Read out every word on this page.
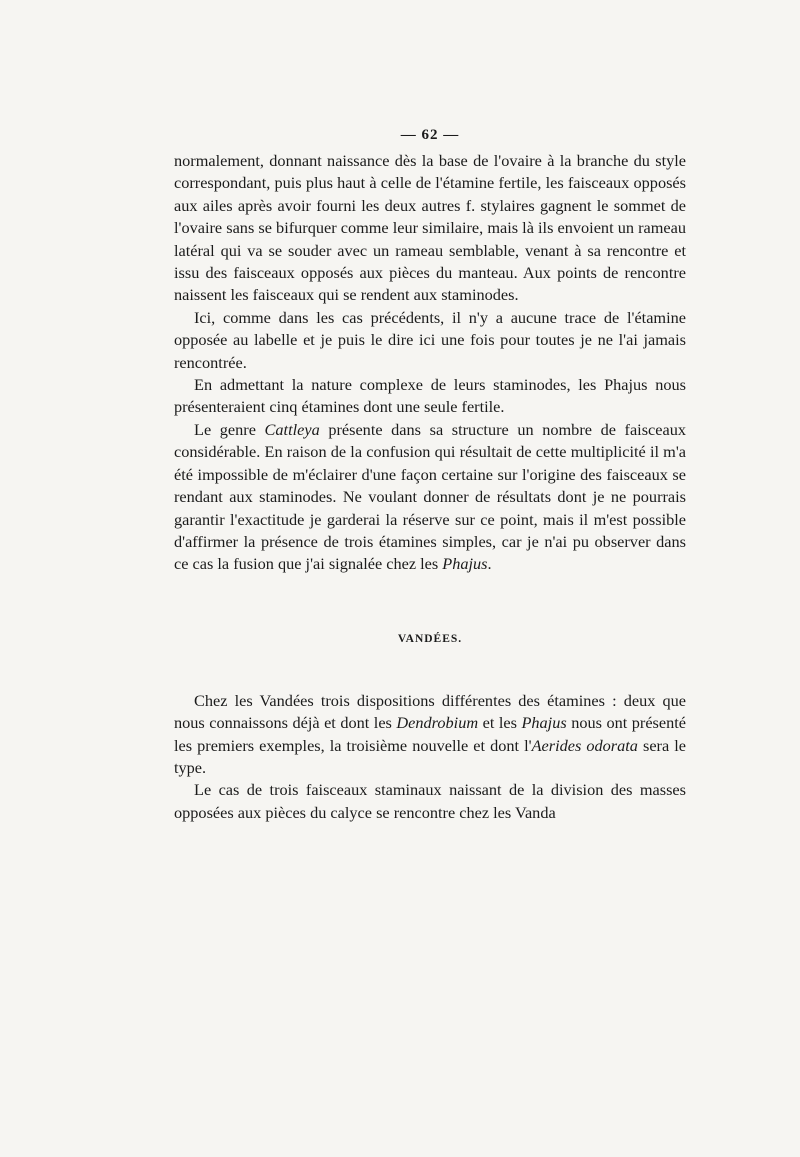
— 62 —

normalement, donnant naissance dès la base de l'ovaire à la branche du style correspondant, puis plus haut à celle de l'étamine fertile, les faisceaux opposés aux ailes après avoir fourni les deux autres f. stylaires gagnent le sommet de l'ovaire sans se bifurquer comme leur similaire, mais là ils envoient un rameau latéral qui va se souder avec un rameau semblable, venant à sa rencontre et issu des faisceaux opposés aux pièces du manteau. Aux points de rencontre naissent les faisceaux qui se rendent aux staminodes.

Ici, comme dans les cas précédents, il n'y a aucune trace de l'étamine opposée au labelle et je puis le dire ici une fois pour toutes je ne l'ai jamais rencontrée.

En admettant la nature complexe de leurs staminodes, les Phajus nous présenteraient cinq étamines dont une seule fertile.

Le genre Cattleya présente dans sa structure un nombre de faisceaux considérable. En raison de la confusion qui résultait de cette multiplicité il m'a été impossible de m'éclairer d'une façon certaine sur l'origine des faisceaux se rendant aux staminodes. Ne voulant donner de résultats dont je ne pourrais garantir l'exactitude je garderai la réserve sur ce point, mais il m'est possible d'affirmer la présence de trois étamines simples, car je n'ai pu observer dans ce cas la fusion que j'ai signalée chez les Phajus.

VANDÉES.

Chez les Vandées trois dispositions différentes des étamines : deux que nous connaissons déjà et dont les Dendrobium et les Phajus nous ont présenté les premiers exemples, la troisième nouvelle et dont l'Aerides odorata sera le type.

Le cas de trois faisceaux staminaux naissant de la division des masses opposées aux pièces du calyce se rencontre chez les Vanda
